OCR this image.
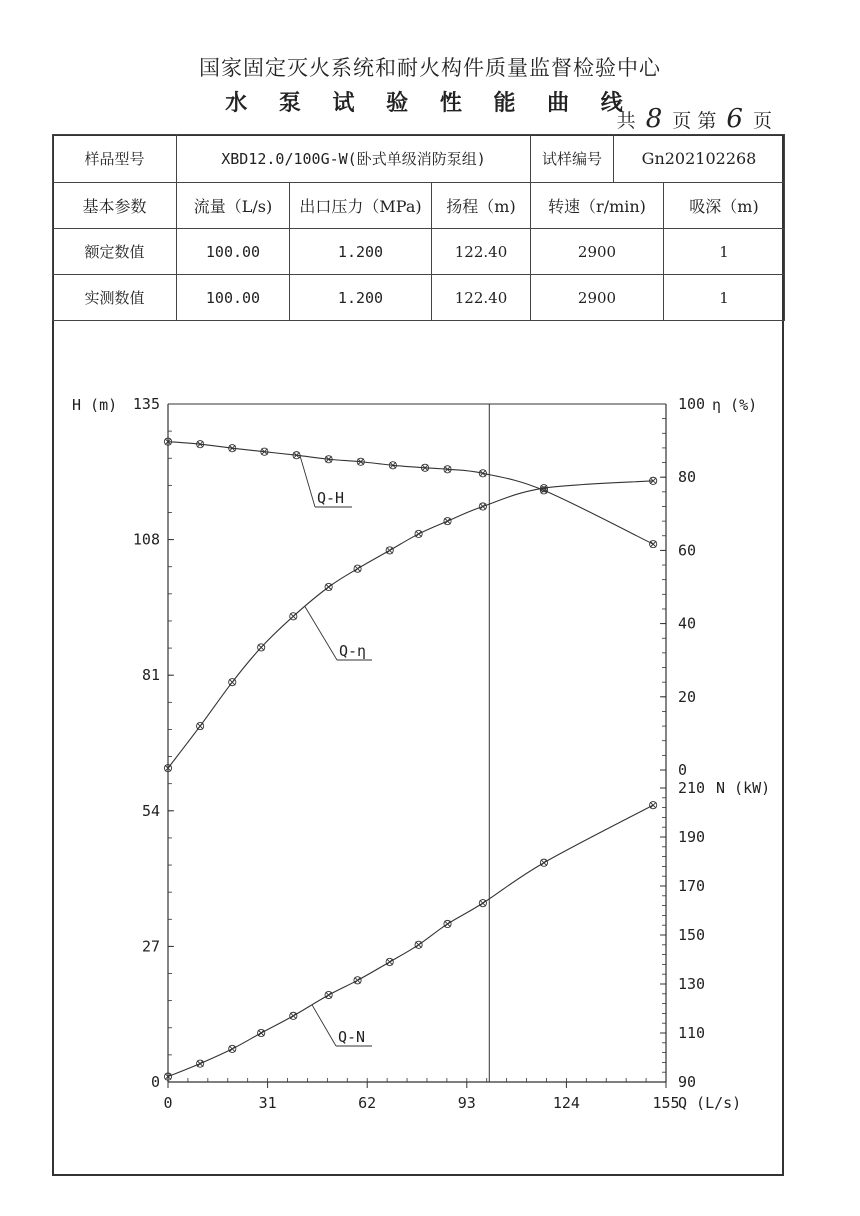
国家固定灭火系统和耐火构件质量监督检验中心
水 泵 试 验 性 能 曲 线
共 8 页 第 6 页
样品型号	XBD12.0/100G-W(卧式单级消防泵组)			试样编号 Gn202102268	

基本参数	流量（L/s)	出口压力（MPa)	扬程（m)	转速（r/min)	吸深（m)
额定数值	100.00	1.200	122.40	2900	1
实测数值	100.00	1.200	122.40	2900	1
0	31	62	93	124	155
Q (L/s)
0
27
54
81
108
135
H (m)
0
20
40
60
80
100 η (%)
90
110
130
150
170
190
210 N (kW)
Q-H
Q-η
Q-N
